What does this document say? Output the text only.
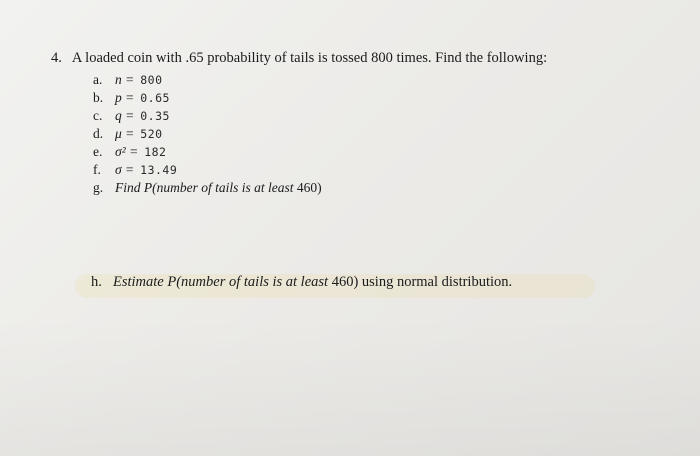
4. A loaded coin with .65 probability of tails is tossed 800 times. Find the following:
a. n = 800
b. p = 0.65
c. q = 0.35
d. μ = 520
e. σ² = 182
f. σ = 13.49
g. Find P(number of tails is at least 460)
h. Estimate P(number of tails is at least 460) using normal distribution.
